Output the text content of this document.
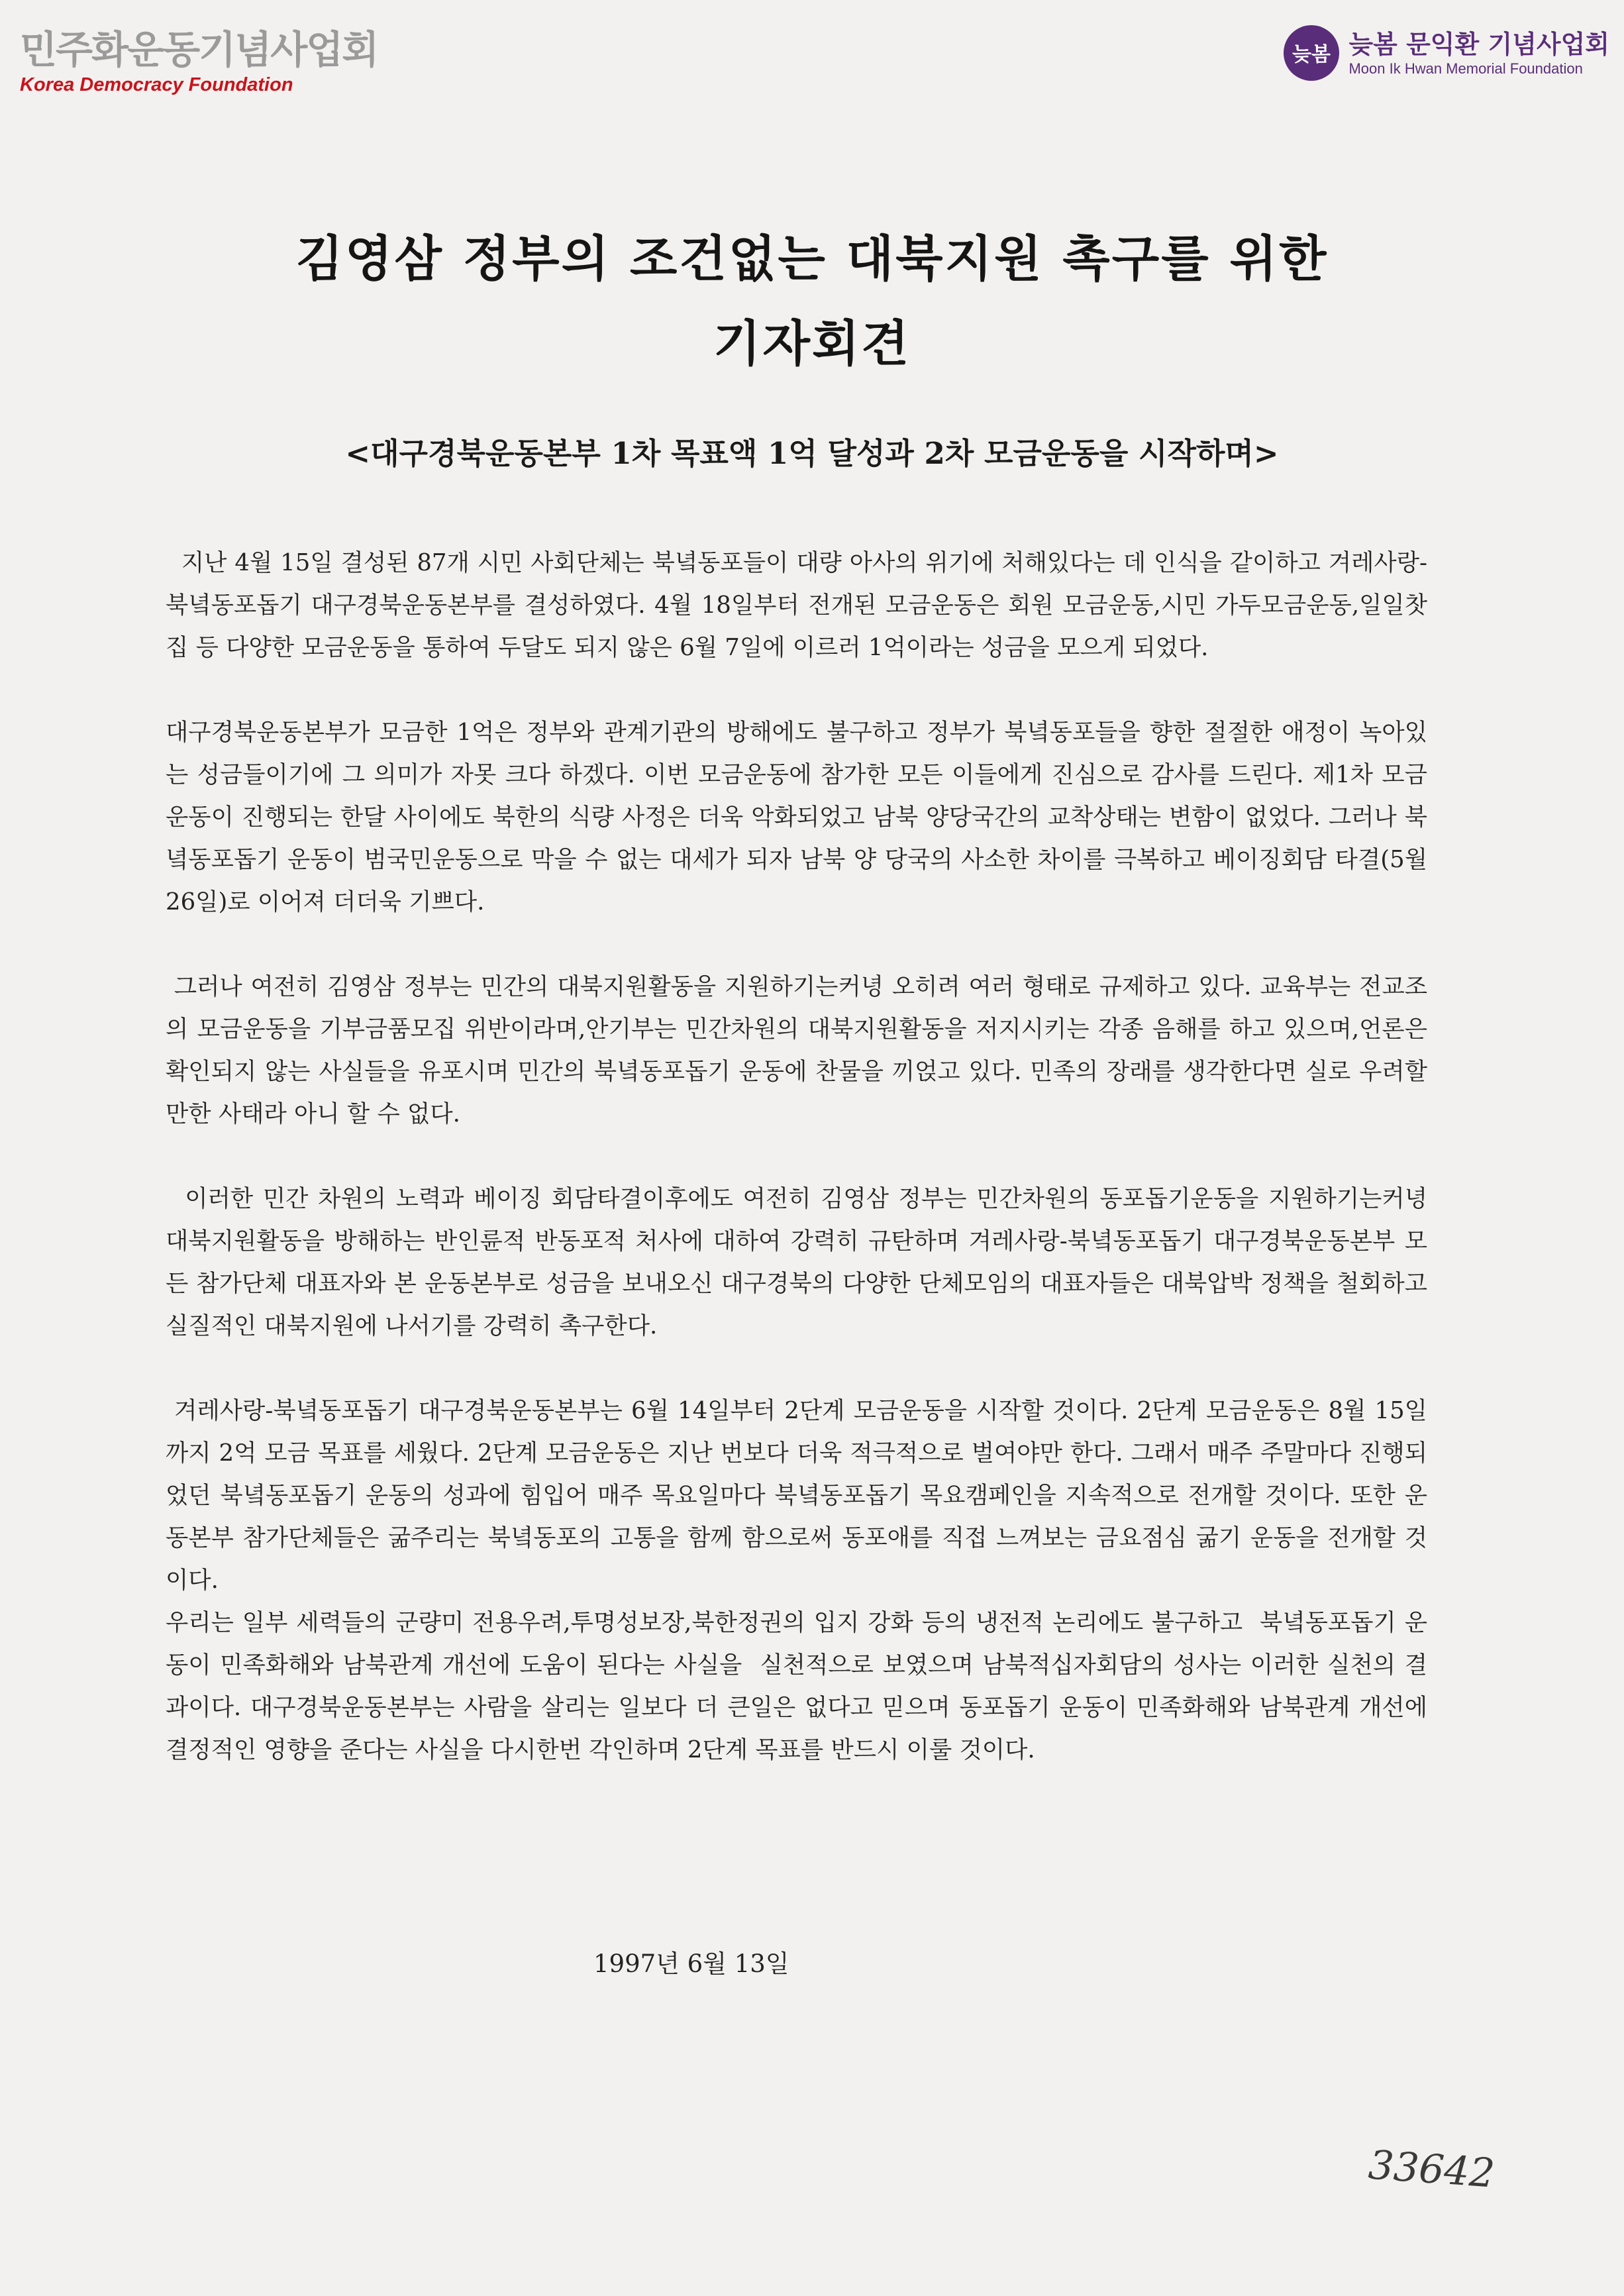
민주화운동기념사업회
Korea Democracy Foundation
늦봄 늦봄 문익환 기념사업회
Moon Ik Hwan Memorial Foundation
김영삼 정부의 조건없는 대북지원 촉구를 위한
기자회견
<대구경북운동본부 1차 목표액 1억 달성과 2차 모금운동을 시작하며>

지난 4월 15일 결성된 87개 시민 사회단체는 북녘동포들이 대량 아사의 위기에 처해있다는 데 인식을 같이하고 겨레사랑-북녘동포돕기 대구경북운동본부를 결성하였다. 4월 18일부터 전개된 모금운동은 회원 모금운동,시민 가두모금운동,일일찻집 등 다양한 모금운동을 통하여 두달도 되지 않은 6월 7일에 이르러 1억이라는 성금을 모으게 되었다.

대구경북운동본부가 모금한 1억은 정부와 관계기관의 방해에도 불구하고 정부가 북녘동포들을 향한 절절한 애정이 녹아있는 성금들이기에 그 의미가 자못 크다 하겠다. 이번 모금운동에 참가한 모든 이들에게 진심으로 감사를 드린다. 제1차 모금운동이 진행되는 한달 사이에도 북한의 식량 사정은 더욱 악화되었고 남북 양당국간의 교착상태는 변함이 없었다. 그러나 북녘동포돕기 운동이 범국민운동으로 막을 수 없는 대세가 되자 남북 양 당국의 사소한 차이를 극복하고 베이징회담 타결(5월 26일)로 이어져 더더욱 기쁘다.

그러나 여전히 김영삼 정부는 민간의 대북지원활동을 지원하기는커녕 오히려 여러 형태로 규제하고 있다. 교육부는 전교조의 모금운동을 기부금품모집 위반이라며,안기부는 민간차원의 대북지원활동을 저지시키는 각종 음해를 하고 있으며,언론은 확인되지 않는 사실들을 유포시며 민간의 북녘동포돕기 운동에 찬물을 끼얹고 있다. 민족의 장래를 생각한다면 실로 우려할 만한 사태라 아니 할 수 없다.

이러한 민간 차원의 노력과 베이징 회담타결이후에도 여전히 김영삼 정부는 민간차원의 동포돕기운동을 지원하기는커녕 대북지원활동을 방해하는 반인륜적 반동포적 처사에 대하여 강력히 규탄하며 겨레사랑-북녘동포돕기 대구경북운동본부 모든 참가단체 대표자와 본 운동본부로 성금을 보내오신 대구경북의 다양한 단체모임의 대표자들은 대북압박 정책을 철회하고 실질적인 대북지원에 나서기를 강력히 촉구한다.

겨레사랑-북녘동포돕기 대구경북운동본부는 6월 14일부터 2단계 모금운동을 시작할 것이다. 2단계 모금운동은 8월 15일까지 2억 모금 목표를 세웠다. 2단계 모금운동은 지난 번보다 더욱 적극적으로 벌여야만 한다. 그래서 매주 주말마다 진행되었던 북녘동포돕기 운동의 성과에 힘입어 매주 목요일마다 북녘동포돕기 목요캠페인을 지속적으로 전개할 것이다. 또한 운동본부 참가단체들은 굶주리는 북녘동포의 고통을 함께 함으로써 동포애를 직접 느껴보는 금요점심 굶기 운동을 전개할 것이다.

우리는 일부 세력들의 군량미 전용우려,투명성보장,북한정권의 입지 강화 등의 냉전적 논리에도 불구하고  북녘동포돕기 운동이 민족화해와 남북관계 개선에 도움이 된다는 사실을  실천적으로 보였으며 남북적십자회담의 성사는 이러한 실천의 결과이다. 대구경북운동본부는 사람을 살리는 일보다 더 큰일은 없다고 믿으며 동포돕기 운동이 민족화해와 남북관계 개선에 결정적인 영향을 준다는 사실을 다시한번 각인하며 2단계 목표를 반드시 이룰 것이다.

1997년 6월 13일
33642
